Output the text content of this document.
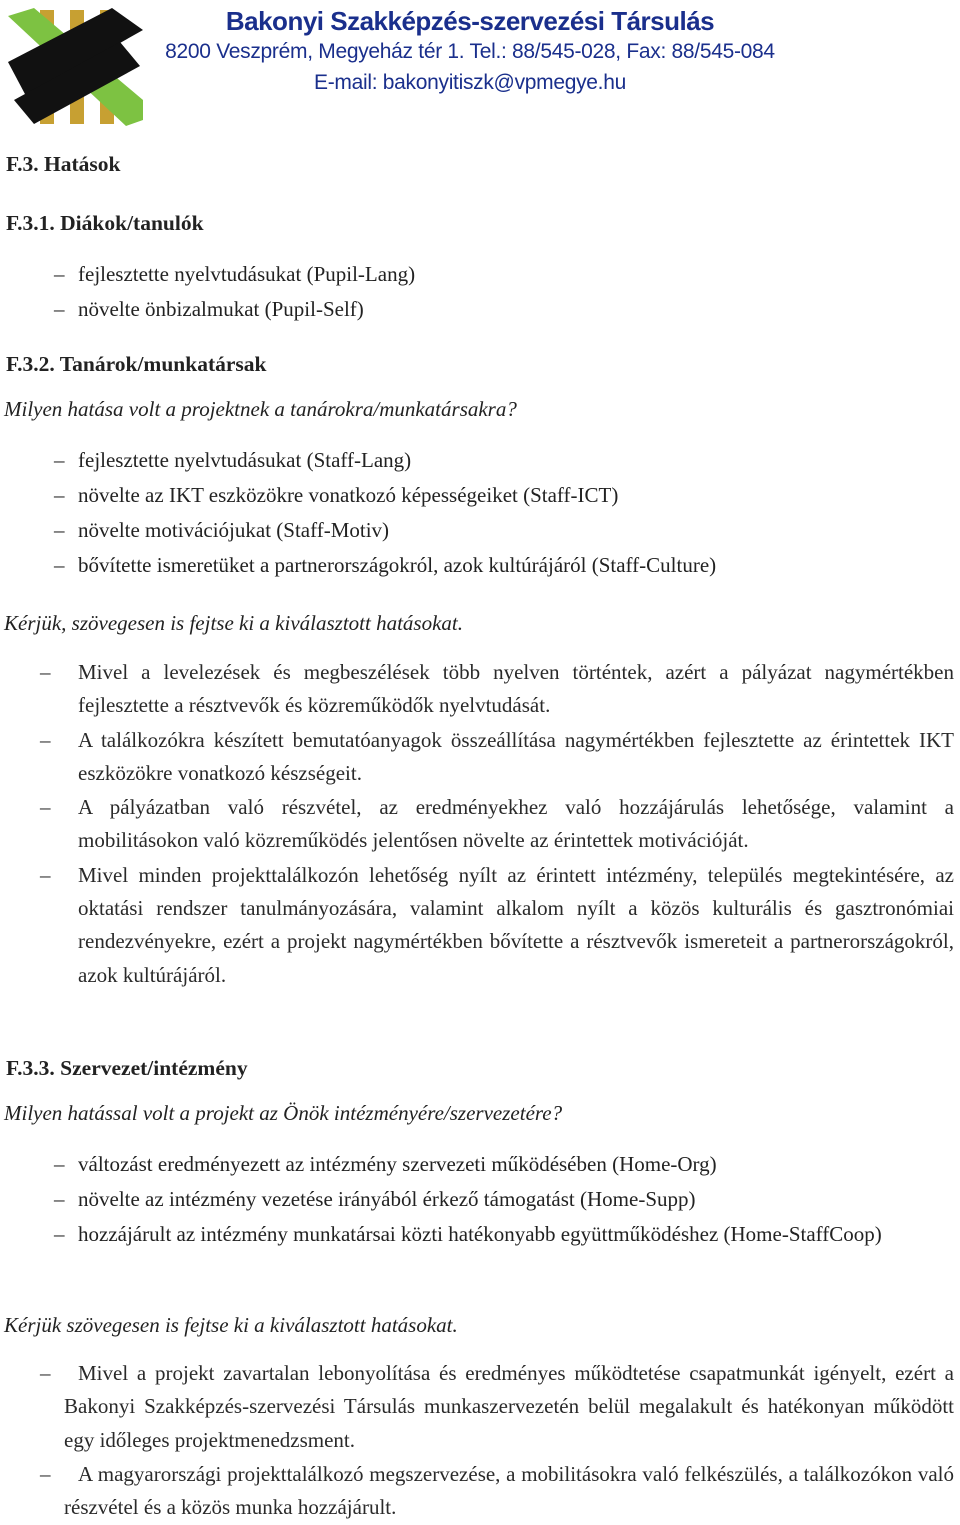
Bakonyi Szakképzés-szervezési Társulás
8200 Veszprém, Megyeház tér 1. Tel.: 88/545-028, Fax: 88/545-084
E-mail: bakonyitiszk@vpmegye.hu
F.3. Hatások
F.3.1. Diákok/tanulók
– fejlesztette nyelvtudásukat (Pupil-Lang)
– növelte önbizalmukat (Pupil-Self)
F.3.2. Tanárok/munkatársak
Milyen hatása volt a projektnek a tanárokra/munkatársakra?
– fejlesztette nyelvtudásukat (Staff-Lang)
– növelte az IKT eszközökre vonatkozó képességeiket (Staff-ICT)
– növelte motivációjukat (Staff-Motiv)
– bővítette ismeretüket a partnerországokról, azok kultúrájáról (Staff-Culture)
Kérjük, szövegesen is fejtse ki a kiválasztott hatásokat.
– Mivel a levelezések és megbeszélések több nyelven történtek, azért a pályázat nagymértékben fejlesztette a résztvevők és közreműködők nyelvtudását.
– A találkozókra készített bemutatóanyagok összeállítása nagymértékben fejlesztette az érintettek IKT eszközökre vonatkozó készségeit.
– A pályázatban való részvétel, az eredményekhez való hozzájárulás lehetősége, valamint a mobilitásokon való közreműködés jelentősen növelte az érintettek motivációját.
– Mivel minden projekttalálkozón lehetőség nyílt az érintett intézmény, település megtekintésére, az oktatási rendszer tanulmányozására, valamint alkalom nyílt a közös kulturális és gasztronómiai rendezvényekre, ezért a projekt nagymértékben bővítette a résztvevők ismereteit a partnerországokról, azok kultúrájáról.
F.3.3. Szervezet/intézmény
Milyen hatással volt a projekt az Önök intézményére/szervezetére?
– változást eredményezett az intézmény szervezeti működésében (Home-Org)
– növelte az intézmény vezetése irányából érkező támogatást (Home-Supp)
– hozzájárult az intézmény munkatársai közti hatékonyabb együttműködéshez (Home-StaffCoop)
Kérjük szövegesen is fejtse ki a kiválasztott hatásokat.
– Mivel a projekt zavartalan lebonyolítása és eredményes működtetése csapatmunkát igényelt, ezért a Bakonyi Szakképzés-szervezési Társulás munkaszervezetén belül megalakult és hatékonyan működött egy időleges projektmenedzsment.
– A magyarországi projekttalálkozó megszervezése, a mobilitásokra való felkészülés, a találkozókon való részvétel és a közös munka hozzájárult.
